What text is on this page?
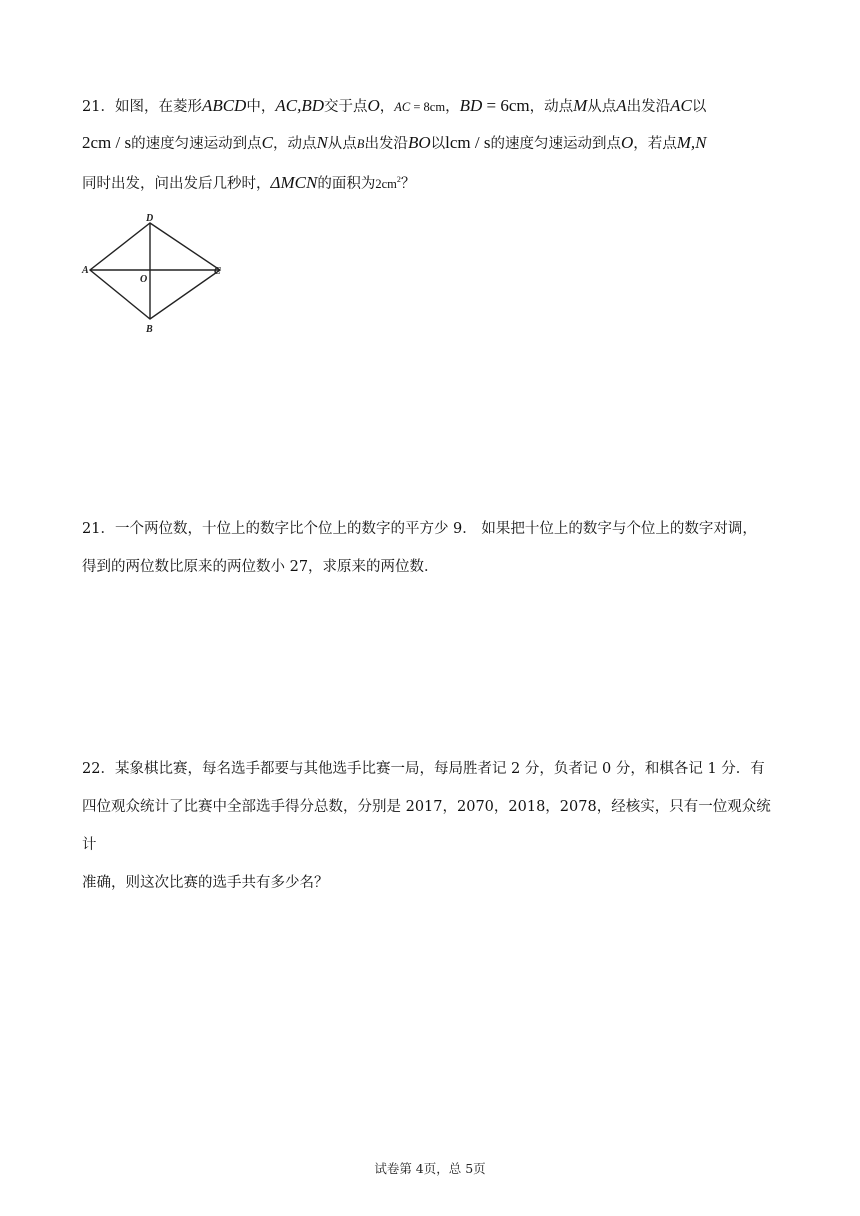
21．如图，在菱形ABCD中，AC,BD交于点O，AC = 8cm，BD = 6cm，动点M从点A出发沿AC以

2cm / s的速度匀速运动到点C，动点N从点B出发沿BO以lcm / s的速度匀速运动到点O，若点M,N

同时出发，问出发后几秒时，ΔMCN的面积为$2cm^2$？

D
A	C
O
B

21．一个两位数，十位上的数字比个位上的数字的平方少 9． 如果把十位上的数字与个位上的数字对调，

得到的两位数比原来的两位数小 27，求原来的两位数．

22．某象棋比赛，每名选手都要与其他选手比赛一局，每局胜者记 2 分，负者记 0 分，和棋各记 1 分．有

四位观众统计了比赛中全部选手得分总数，分别是 2017，2070，2018，2078，经核实，只有一位观众统计

准确，则这次比赛的选手共有多少名？

试卷第 4页，总 5页
